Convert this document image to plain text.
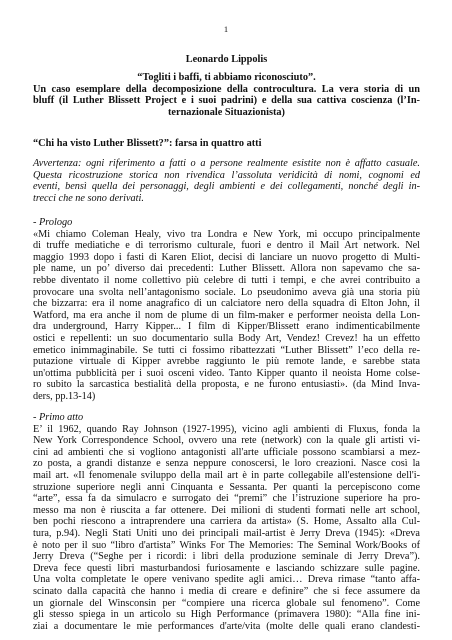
1
Leonardo Lippolis
“Togliti i baffi, ti abbiamo riconosciuto”.
Un caso esemplare della decomposizione della controcultura. La vera storia di un
bluff (il Luther Blissett Project e i suoi padrini) e della sua cattiva coscienza (l’In-
ternazionale Situazionista)
“Chi ha visto Luther Blissett?”: farsa in quattro atti
Avvertenza: ogni riferimento a fatti o a persone realmente esistite non è affatto casuale.
Questa ricostruzione storica non rivendica l’assoluta veridicità di nomi, cognomi ed
eventi, bensì quella dei personaggi, degli ambienti e dei collegamenti, nonché degli in-
trecci che ne sono derivati.
- Prologo
«Mi chiamo Coleman Healy, vivo tra Londra e New York, mi occupo principalmente
di truffe mediatiche e di terrorismo culturale, fuori e dentro il Mail Art network. Nel
maggio 1993 dopo i fasti di Karen Eliot, decisi di lanciare un nuovo progetto di Multi-
ple name, un po’ diverso dai precedenti: Luther Blissett. Allora non sapevamo che sa-
rebbe diventato il nome collettivo più celebre di tutti i tempi, e che avrei contribuito a
provocare una svolta nell’antagonismo sociale. Lo pseudonimo aveva già una storia più
che bizzarra: era il nome anagrafico di un calciatore nero della squadra di Elton John, il
Watford, ma era anche il nom de plume di un film-maker e performer neoista della Lon-
dra underground, Harry Kipper... I film di Kipper/Blissett erano indimenticabilmente
ostici e repellenti: un suo documentario sulla Body Art, Vendez! Crevez! ha un effetto
emetico inimmaginabile. Se tutti ci fossimo ribattezzati “Luther Blissett” l’eco della re-
putazione virtuale di Kipper avrebbe raggiunto le più remote lande, e sarebbe stata
un'ottima pubblicità per i suoi osceni video. Tanto Kipper quanto il neoista Home colse-
ro subito la sarcastica bestialità della proposta, e ne furono entusiasti». (da Mind Inva-
ders, pp.13-14)
- Primo atto
E’ il 1962, quando Ray Johnson (1927-1995), vicino agli ambienti di Fluxus, fonda la
New York Correspondence School, ovvero una rete (network) con la quale gli artisti vi-
cini ad ambienti che si vogliono antagonisti all'arte ufficiale possono scambiarsi a mez-
zo posta, a grandi distanze e senza neppure conoscersi, le loro creazioni. Nasce così la
mail art. «Il fenomenale sviluppo della mail art è in parte collegabile all'estensione dell'i-
struzione superiore negli anni Cinquanta e Sessanta. Per quanti la percepiscono come
“arte”, essa fa da simulacro e surrogato dei “premi” che l’istruzione superiore ha pro-
messo ma non è riuscita a far ottenere. Dei milioni di studenti formati nelle art school,
ben pochi riescono a intraprendere una carriera da artista» (S. Home, Assalto alla Cul-
tura, p.94). Negli Stati Uniti uno dei principali mail-artist è Jerry Dreva (1945): «Dreva
è noto per il suo “libro d'artista” Winks For The Memories: The Seminal Work/Books of
Jerry Dreva (“Seghe per i ricordi: i libri della produzione seminale di Jerry Dreva”).
Dreva fece questi libri masturbandosi furiosamente e lasciando schizzare sulle pagine.
Una volta completate le opere venivano spedite agli amici… Dreva rimase “tanto affa-
scinato dalla capacità che hanno i media di creare e definire” che si fece assumere da
un giornale del Winsconsin per “compiere una ricerca globale sul fenomeno”. Come
gli stesso spiega in un articolo su High Performance (primavera 1980): “Alla fine ini-
ziai a documentare le mie performances d'arte/vita (molte delle quali erano clandesti-
